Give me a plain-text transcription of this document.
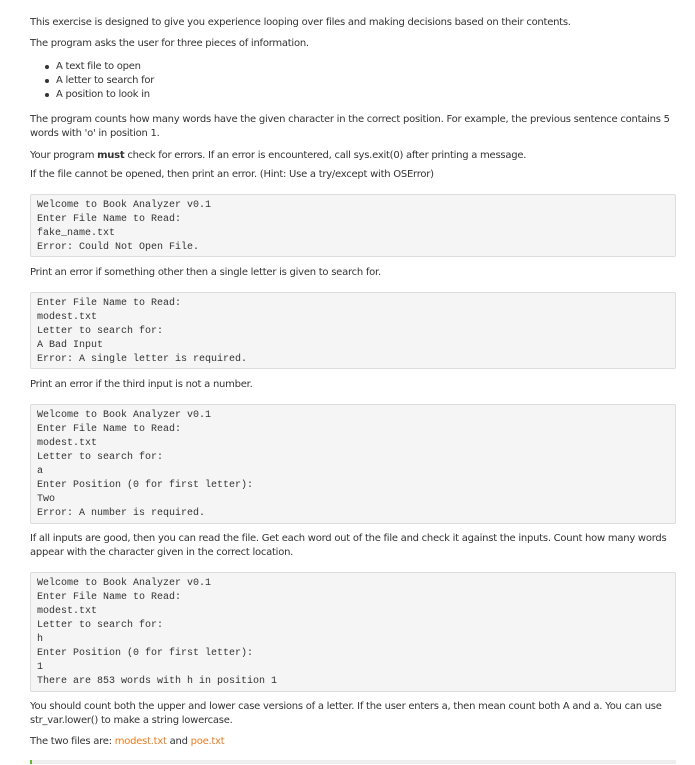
This exercise is designed to give you experience looping over files and making decisions based on their contents.

The program asks the user for three pieces of information.

A text file to open
A letter to search for
A position to look in

The program counts how many words have the given character in the correct position. For example, the previous sentence contains 5 words with 'o' in position 1.

Your program must check for errors. If an error is encountered, call sys.exit(0) after printing a message.

If the file cannot be opened, then print an error. (Hint: Use a try/except with OSError)

Welcome to Book Analyzer v0.1
Enter File Name to Read:
fake_name.txt
Error: Could Not Open File.

Print an error if something other then a single letter is given to search for.

Enter File Name to Read:
modest.txt
Letter to search for:
A Bad Input
Error: A single letter is required.

Print an error if the third input is not a number.

Welcome to Book Analyzer v0.1
Enter File Name to Read:
modest.txt
Letter to search for:
a
Enter Position (0 for first letter):
Two
Error: A number is required.

If all inputs are good, then you can read the file. Get each word out of the file and check it against the inputs. Count how many words appear with the character given in the correct location.

Welcome to Book Analyzer v0.1
Enter File Name to Read:
modest.txt
Letter to search for:
h
Enter Position (0 for first letter):
1
There are 853 words with h in position 1

You should count both the upper and lower case versions of a letter. If the user enters a, then mean count both A and a. You can use str_var.lower() to make a string lowercase.

The two files are: modest.txt and poe.txt
